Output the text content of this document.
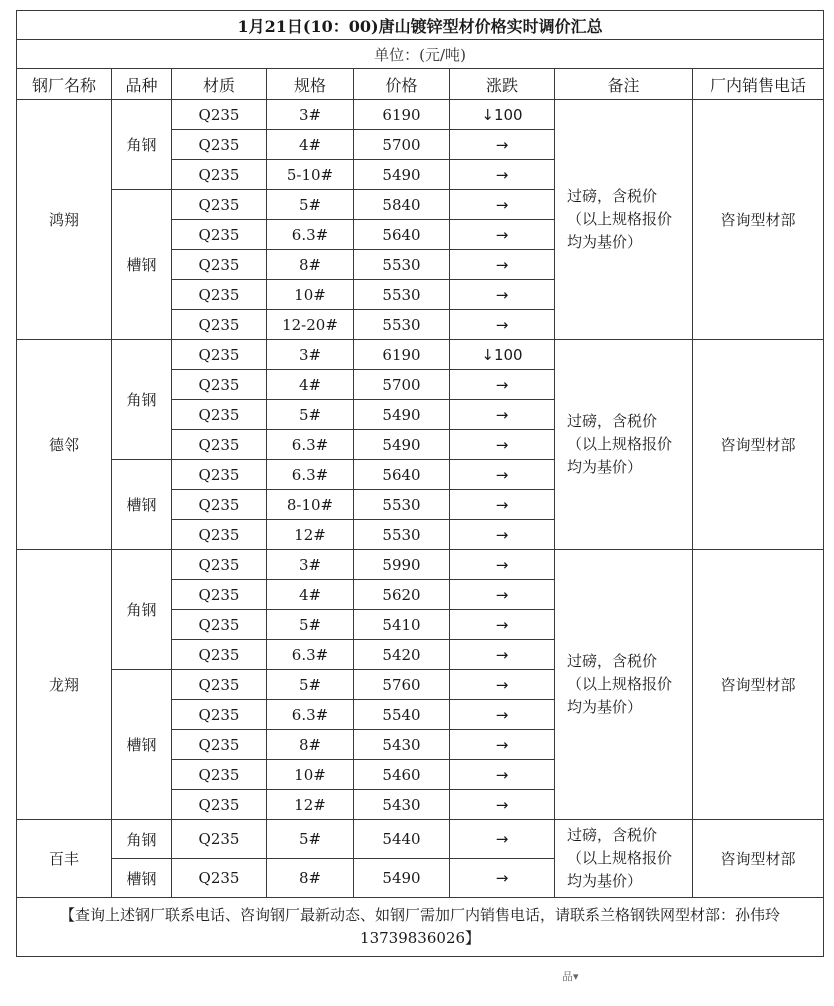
1月21日(10：00)唐山镀锌型材价格实时调价汇总							
单位：(元/吨)							
钢厂名称	品种	材质	规格	价格	涨跌	备注	厂内销售电话
鸿翔	角钢	Q235	3#	6190	↓100	过磅，含税价（以上规格报价均为基价）	咨询型材部
		Q235	4#	5700	→		
		Q235	5-10#	5490	→		
	槽钢	Q235	5#	5840	→		
		Q235	6.3#	5640	→		
		Q235	8#	5530	→		
		Q235	10#	5530	→		
		Q235	12-20#	5530	→		
德邻	角钢	Q235	3#	6190	↓100	过磅，含税价（以上规格报价均为基价）	咨询型材部
		Q235	4#	5700	→		
		Q235	5#	5490	→		
		Q235	6.3#	5490	→		
	槽钢	Q235	6.3#	5640	→		
		Q235	8-10#	5530	→		
		Q235	12#	5530	→		
龙翔	角钢	Q235	3#	5990	→	过磅，含税价（以上规格报价均为基价）	咨询型材部
		Q235	4#	5620	→		
		Q235	5#	5410	→		
		Q235	6.3#	5420	→		
	槽钢	Q235	5#	5760	→		
		Q235	6.3#	5540	→		
		Q235	8#	5430	→		
		Q235	10#	5460	→		
		Q235	12#	5430	→		
百丰	角钢	Q235	5#	5440	→	过磅，含税价（以上规格报价均为基价）	咨询型材部
	槽钢	Q235	8#	5490	→		
【查询上述钢厂联系电话、咨询钢厂最新动态、如钢厂需加厂内销售电话，请联系兰格钢铁网型材部：孙伟玲13739836026】							
品▾
